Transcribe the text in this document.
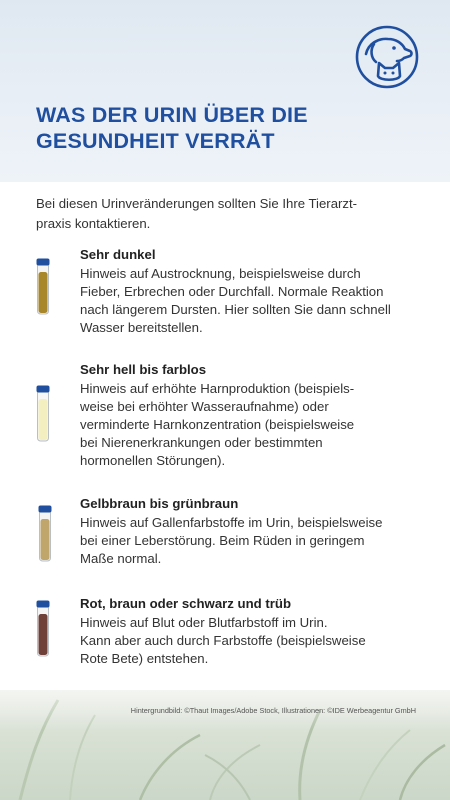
WAS DER URIN ÜBER DIE
GESUNDHEIT VERRÄT
Bei diesen Urinveränderungen sollten Sie Ihre Tierarzt-
praxis kontaktieren.
Sehr dunkel
Hinweis auf Austrocknung, beispielsweise durch
Fieber, Erbrechen oder Durchfall. Normale Reaktion
nach längerem Dursten. Hier sollten Sie dann schnell
Wasser bereitstellen.
Sehr hell bis farblos
Hinweis auf erhöhte Harnproduktion (beispiels-
weise bei erhöhter Wasseraufnahme) oder
verminderte Harnkonzentration (beispielsweise
bei Nierenerkrankungen oder bestimmten
hormonellen Störungen).
Gelbbraun bis grünbraun
Hinweis auf Gallenfarbstoffe im Urin, beispielsweise
bei einer Leberstörung. Beim Rüden in geringem
Maße normal.
Rot, braun oder schwarz und trüb
Hinweis auf Blut oder Blutfarbstoff im Urin.
Kann aber auch durch Farbstoffe (beispielsweise
Rote Bete) entstehen.
Hintergrundbild: ©Thaut Images/Adobe Stock, Illustrationen: ©IDE Werbeagentur GmbH
